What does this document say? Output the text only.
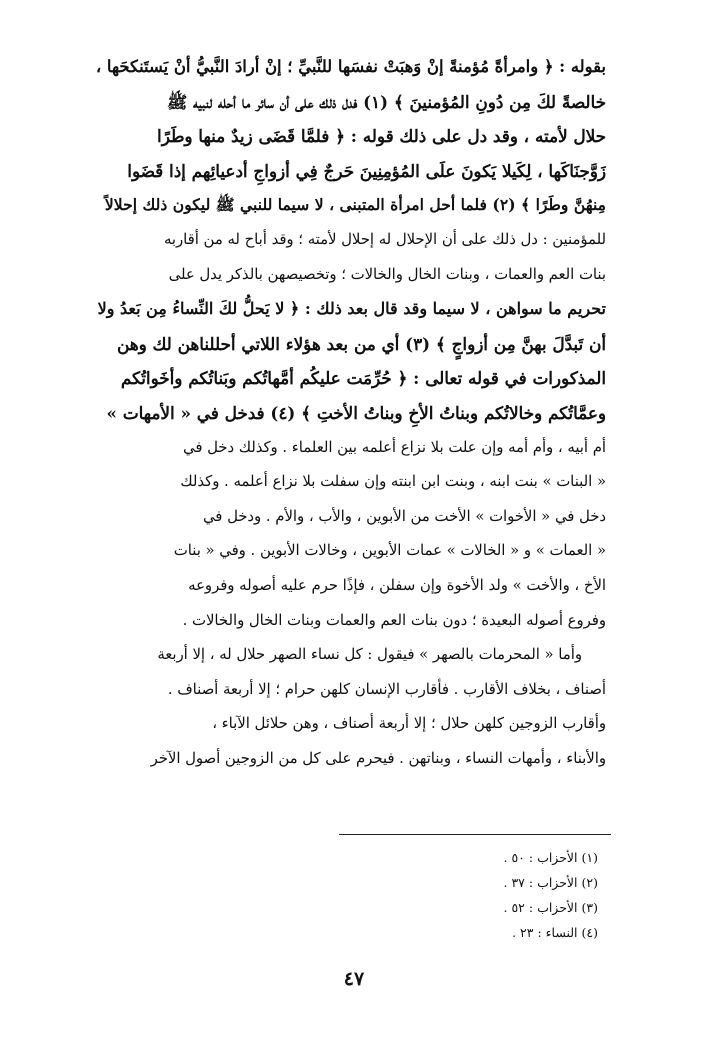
بقوله : ﴿ وامرأةً مُؤمنةً إنْ وَهبَتْ نفسَها للنَّبيِّ ؛ إنْ أرادَ النَّبيُّ أنْ يَستَنكحَها ،
خالصةً لكَ مِن دُونِ المُؤمنينَ ﴾ (١) فدل ذلك على أن سائر ما أحله لنبيه ﷺ
حلال لأمته ، وقد دل على ذلك قوله : ﴿ فلمَّا قَضَى زيدٌ منها وطَرًا
زَوَّجنَاكَها ، لِكَيلا يَكونَ علَى المُؤمِنِينَ حَرجٌ فِي أزواجِ أدعيائِهم إذا قَضَوا
مِنهُنَّ وطَرًا ﴾ (٢) فلما أحل امرأة المتبنى ، لا سيما للنبي ﷺ ليكون ذلك إحلالاً
للمؤمنين : دل ذلك على أن الإحلال له إحلال لأمته ؛ وقد أباح له من أقاربه
بنات العم والعمات ، وبنات الخال والخالات ؛ وتخصيصهن بالذكر يدل على
تحريم ما سواهن ، لا سيما وقد قال بعد ذلك : ﴿ لا يَحلُّ لكَ النِّساءُ مِن بَعدُ ولا
أن تَبدَّلَ بهنَّ مِن أزواجٍ ﴾ (٣) أي من بعد هؤلاء اللاتي أحللناهن لك وهن
المذكورات في قوله تعالى : ﴿ حُرِّمَت عليكُم أمَّهاتُكم وبَناتُكم وأخَواتُكم
وعمَّاتُكم وخالاتُكم وبناتُ الأخِ وبناتُ الأختِ ﴾ (٤) فدخل في « الأمهات »
أم أبيه ، وأم أمه وإن علت بلا نزاع أعلمه بين العلماء . وكذلك دخل في
« البنات » بنت ابنه ، وبنت ابن ابنته وإن سفلت بلا نزاع أعلمه . وكذلك
دخل في « الأخوات » الأخت من الأبوين ، والأب ، والأم . ودخل في
« العمات » و « الخالات » عمات الأبوين ، وخالات الأبوين . وفي « بنات
الأخ ، والأخت » ولد الأخوة وإن سفلن ، فإذًا حرم عليه أصوله وفروعه
وفروع أصوله البعيدة ؛ دون بنات العم والعمات وبنات الخال والخالات .
وأما « المحرمات بالصهر » فيقول : كل نساء الصهر حلال له ، إلا أربعة
أصناف ، بخلاف الأقارب . فأقارب الإنسان كلهن حرام ؛ إلا أربعة أصناف .
وأقارب الزوجين كلهن حلال ؛ إلا أربعة أصناف ، وهن حلائل الآباء ،
والأبناء ، وأمهات النساء ، وبناتهن . فيحرم على كل من الزوجين أصول الآخر
(١) الأحزاب : ٥٠ .
(٢) الأحزاب : ٣٧ .
(٣) الأحزاب : ٥٢ .
(٤) النساء : ٢٣ .
٤٧
